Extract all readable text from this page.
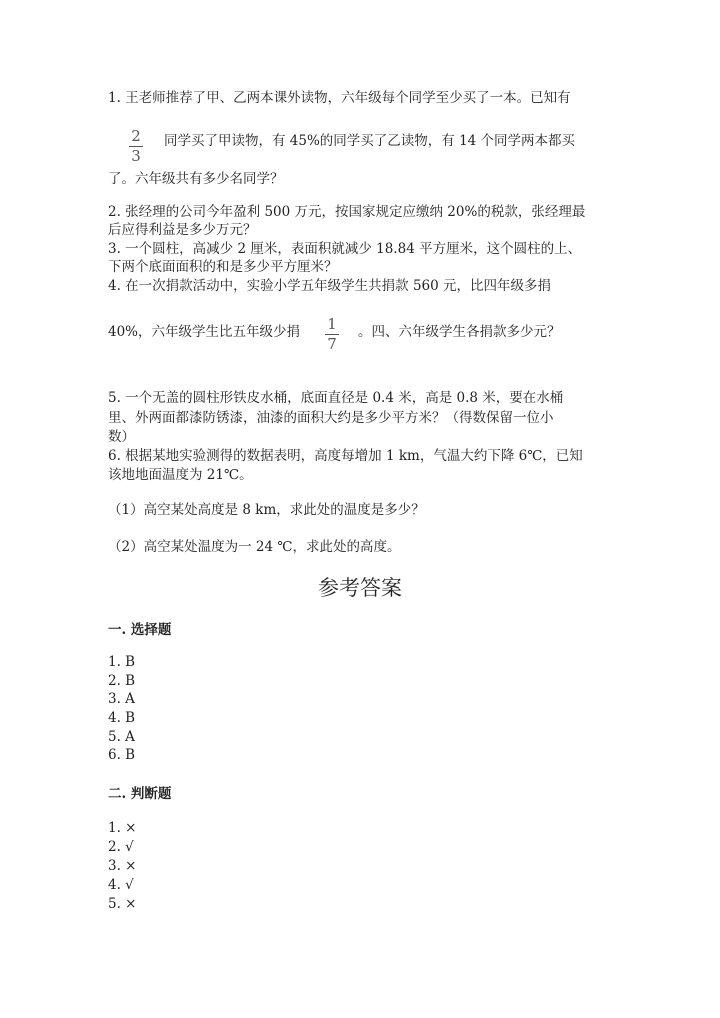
1. 王老师推荐了甲、乙两本课外读物，六年级每个同学至少买了一本。已知有
2
3
同学买了甲读物，有 45%的同学买了乙读物，有 14 个同学两本都买
了。六年级共有多少名同学？
2. 张经理的公司今年盈利 500 万元，按国家规定应缴纳 20%的税款，张经理最
后应得利益是多少万元？
3. 一个圆柱，高减少 2 厘米，表面积就减少 18.84 平方厘米，这个圆柱的上、
下两个底面面积的和是多少平方厘米？
4. 在一次捐款活动中，实验小学五年级学生共捐款 560 元，比四年级多捐
40%，六年级学生比五年级少捐 1
7
。四、六年级学生各捐款多少元？
5. 一个无盖的圆柱形铁皮水桶，底面直径是 0.4 米，高是 0.8 米，要在水桶
里、外两面都漆防锈漆，油漆的面积大约是多少平方米？（得数保留一位小
数）
6. 根据某地实验测得的数据表明，高度每增加 1 km，气温大约下降 6℃，已知
该地地面温度为 21℃。
（1）高空某处高度是 8 km，求此处的温度是多少？
（2）高空某处温度为一 24 ℃，求此处的高度。
参考答案
一. 选择题
1. B
2. B
3. A
4. B
5. A
6. B
二. 判断题
1. ×
2. √
3. ×
4. √
5. ×
